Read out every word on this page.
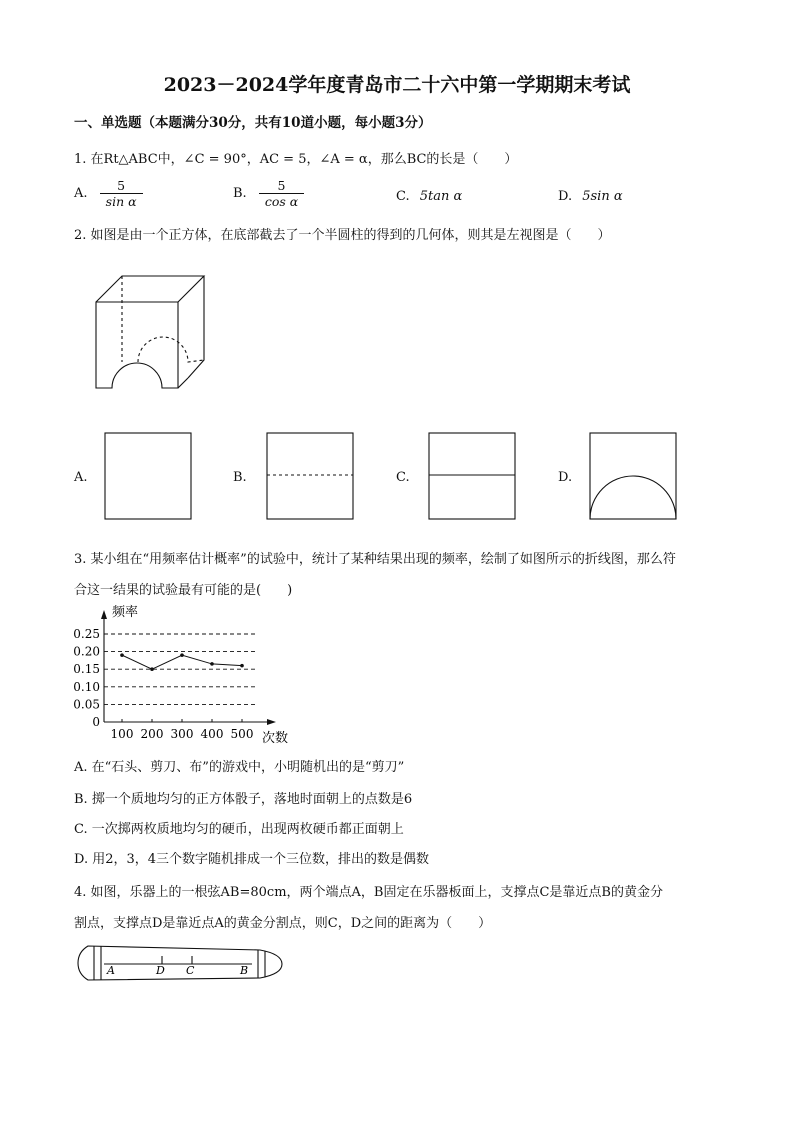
2023－2024学年度青岛市二十六中第一学期期末考试
一、单选题（本题满分30分，共有10道小题，每小题3分）
1. 在Rt△ABC中，∠C = 90°，AC = 5，∠A = α，那么BC的长是（　　）
A. $\frac{5}{\text{sin α}}$	B. $\frac{5}{\text{cos α}}$	C. 5tan α	D. 5sin α
2. 如图是由一个正方体，在底部截去了一个半圆柱的得到的几何体，则其是左视图是（　　）
A.	B.	C.	D.
3. 某小组在“用频率估计概率”的试验中，统计了某种结果出现的频率，绘制了如图所示的折线图，那么符
合这一结果的试验最有可能的是(　　)
0
0.05
0.10
0.15
0.20
0.25
100 200 300 400 500
频率
次数
A. 在“石头、剪刀、布”的游戏中，小明随机出的是“剪刀”
B. 掷一个质地均匀的正方体骰子，落地时面朝上的点数是6
C. 一次掷两枚质地均匀的硬币，出现两枚硬币都正面朝上
D. 用2，3，4三个数字随机排成一个三位数，排出的数是偶数
4. 如图，乐器上的一根弦AB=80cm，两个端点A，B固定在乐器板面上，支撑点C是靠近点B的黄金分
割点，支撑点D是靠近点A的黄金分割点，则C，D之间的距离为（　　）
A	D C	B
